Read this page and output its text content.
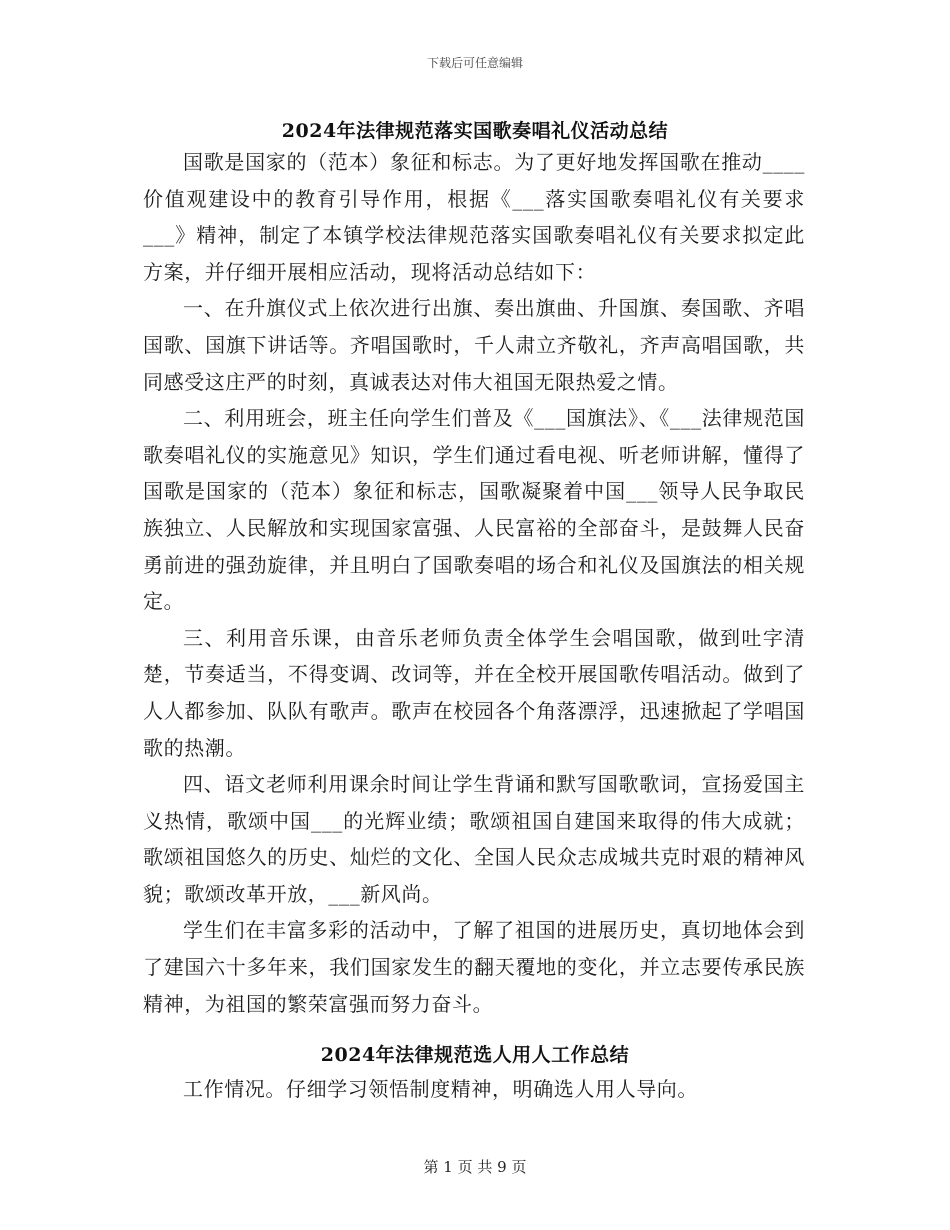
下载后可任意编辑
2024年法律规范落实国歌奏唱礼仪活动总结

国歌是国家的（范本）象征和标志。为了更好地发挥国歌在推动____价值观建设中的教育引导作用，根据《___落实国歌奏唱礼仪有关要求___》精神，制定了本镇学校法律规范落实国歌奏唱礼仪有关要求拟定此方案，并仔细开展相应活动，现将活动总结如下：

一、在升旗仪式上依次进行出旗、奏出旗曲、升国旗、奏国歌、齐唱国歌、国旗下讲话等。齐唱国歌时，千人肃立齐敬礼，齐声高唱国歌，共同感受这庄严的时刻，真诚表达对伟大祖国无限热爱之情。

二、利用班会，班主任向学生们普及《___国旗法》、《___法律规范国歌奏唱礼仪的实施意见》知识，学生们通过看电视、听老师讲解，懂得了国歌是国家的（范本）象征和标志，国歌凝聚着中国___领导人民争取民族独立、人民解放和实现国家富强、人民富裕的全部奋斗，是鼓舞人民奋勇前进的强劲旋律，并且明白了国歌奏唱的场合和礼仪及国旗法的相关规定。

三、利用音乐课，由音乐老师负责全体学生会唱国歌，做到吐字清楚，节奏适当，不得变调、改词等，并在全校开展国歌传唱活动。做到了人人都参加、队队有歌声。歌声在校园各个角落漂浮，迅速掀起了学唱国歌的热潮。

四、语文老师利用课余时间让学生背诵和默写国歌歌词，宣扬爱国主义热情，歌颂中国___的光辉业绩；歌颂祖国自建国来取得的伟大成就；歌颂祖国悠久的历史、灿烂的文化、全国人民众志成城共克时艰的精神风貌；歌颂改革开放，___新风尚。

学生们在丰富多彩的活动中，了解了祖国的进展历史，真切地体会到了建国六十多年来，我们国家发生的翻天覆地的变化，并立志要传承民族精神，为祖国的繁荣富强而努力奋斗。

2024年法律规范选人用人工作总结

工作情况。仔细学习领悟制度精神，明确选人用人导向。

第 1 页 共 9 页
